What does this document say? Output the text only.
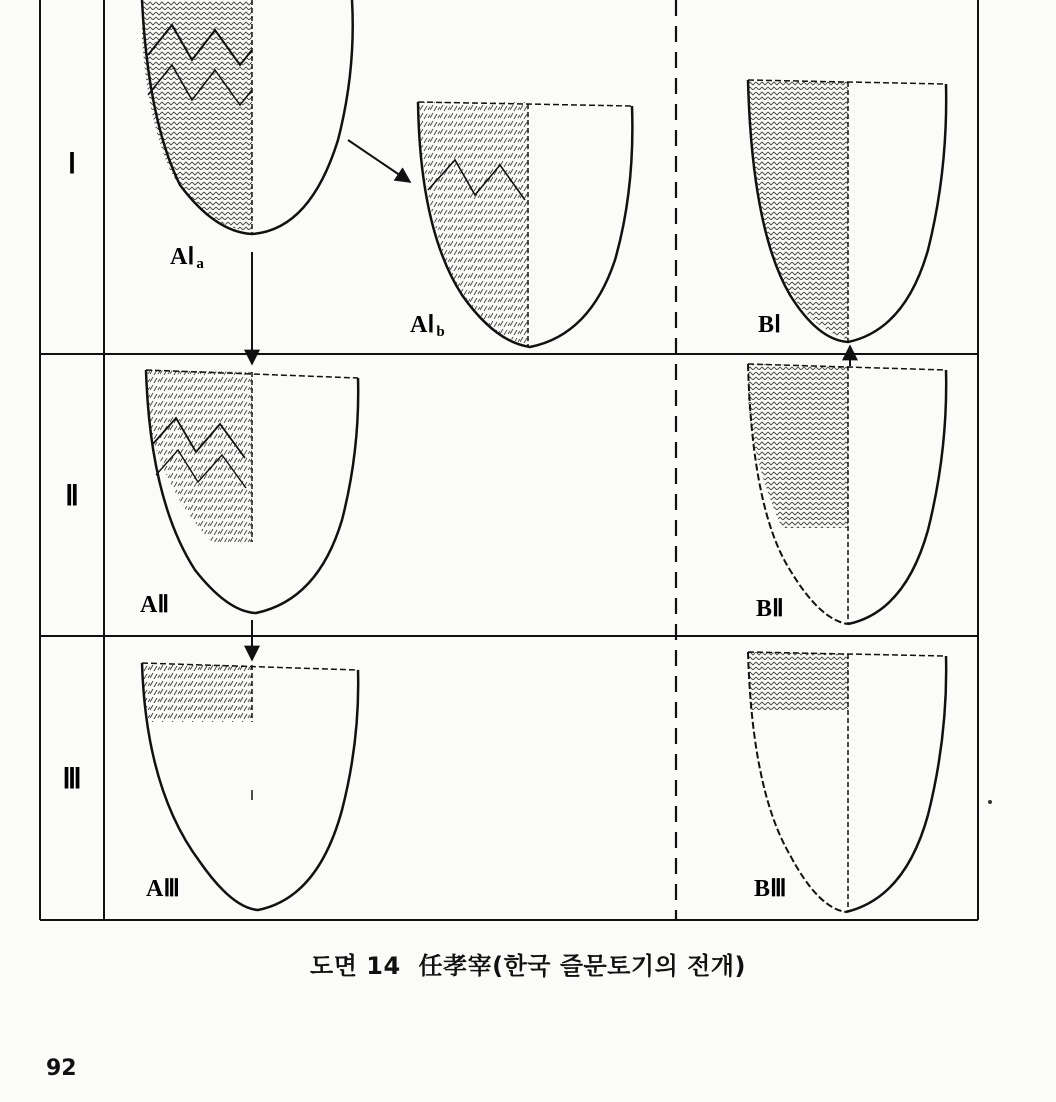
Ⅰ
Ⅱ
Ⅲ
AⅠ a
AⅠ b	BⅠ
AⅡ	BⅡ
AⅢ	BⅢ
도면 14 任孝宰(한국 즐문토기의 전개)
92
